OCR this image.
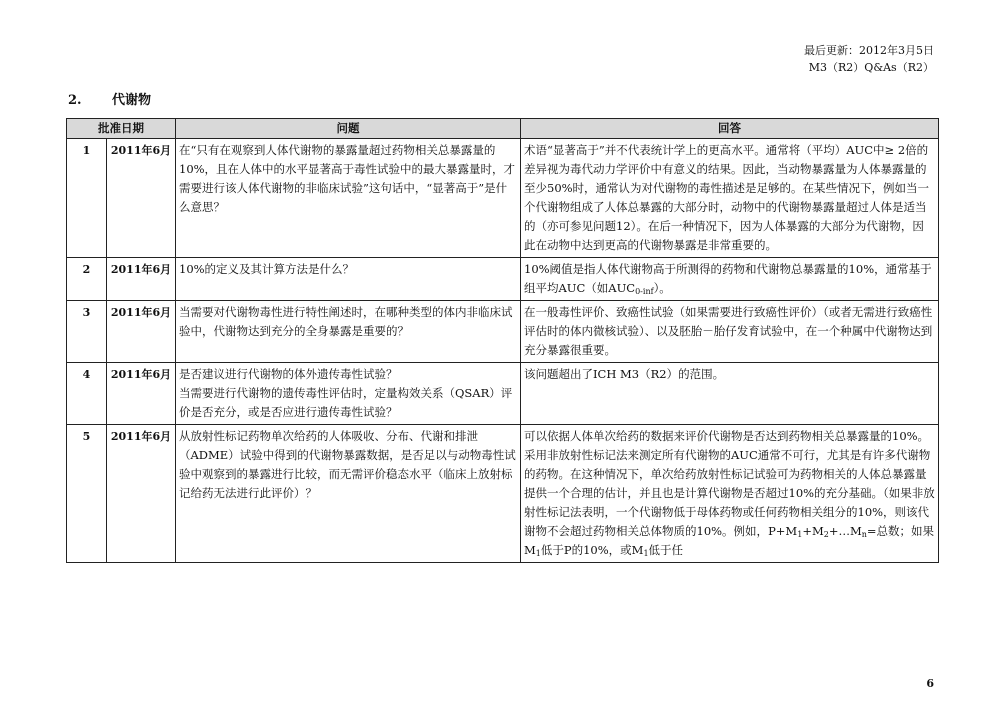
最后更新：2012年3月5日
M3（R2）Q&As（R2）
2. 代谢物
批准日期		问题	回答
1	2011年6月	在“只有在观察到人体代谢物的暴露量超过药物相关总暴露量的10%，且在人体中的水平显著高于毒性试验中的最大暴露量时，才需要进行该人体代谢物的非临床试验”这句话中，“显著高于”是什么意思？	术语“显著高于”并不代表统计学上的更高水平。通常将（平均）AUC中≥ 2倍的差异视为毒代动力学评价中有意义的结果。因此，当动物暴露量为人体暴露量的至少50%时，通常认为对代谢物的毒性描述是足够的。在某些情况下，例如当一个代谢物组成了人体总暴露的大部分时，动物中的代谢物暴露量超过人体是适当的（亦可参见问题12）。在后一种情况下，因为人体暴露的大部分为代谢物，因此在动物中达到更高的代谢物暴露是非常重要的。
2	2011年6月	10%的定义及其计算方法是什么？	10%阈值是指人体代谢物高于所测得的药物和代谢物总暴露量的10%，通常基于组平均AUC（如$AUC_{0-inf}$）。
3	2011年6月	当需要对代谢物毒性进行特性阐述时，在哪种类型的体内非临床试验中，代谢物达到充分的全身暴露是重要的？	在一般毒性评价、致癌性试验（如果需要进行致癌性评价）（或者无需进行致癌性评估时的体内微核试验）、以及胚胎－胎仔发育试验中，在一个种属中代谢物达到充分暴露很重要。
4	2011年6月	是否建议进行代谢物的体外遗传毒性试验？
当需要进行代谢物的遗传毒性评估时，定量构效关系（QSAR）评价是否充分，或是否应进行遗传毒性试验？	该问题超出了ICH M3（R2）的范围。
5	2011年6月	从放射性标记药物单次给药的人体吸收、分布、代谢和排泄（ADME）试验中得到的代谢物暴露数据，是否足以与动物毒性试验中观察到的暴露进行比较，而无需评价稳态水平（临床上放射标记给药无法进行此评价）？	可以依据人体单次给药的数据来评价代谢物是否达到药物相关总暴露量的10%。采用非放射性标记法来测定所有代谢物的AUC通常不可行，尤其是有许多代谢物的药物。在这种情况下，单次给药放射性标记试验可为药物相关的人体总暴露量提供一个合理的估计，并且也是计算代谢物是否超过10%的充分基础。（如果非放射性标记法表明，一个代谢物低于母体药物或任何药物相关组分的10%，则该代谢物不会超过药物相关总体物质的10%。例如，$P+M_1+M_2+\dots M_n=$总数；如果$M_1$低于P的10%，或$M_1$低于任
6
